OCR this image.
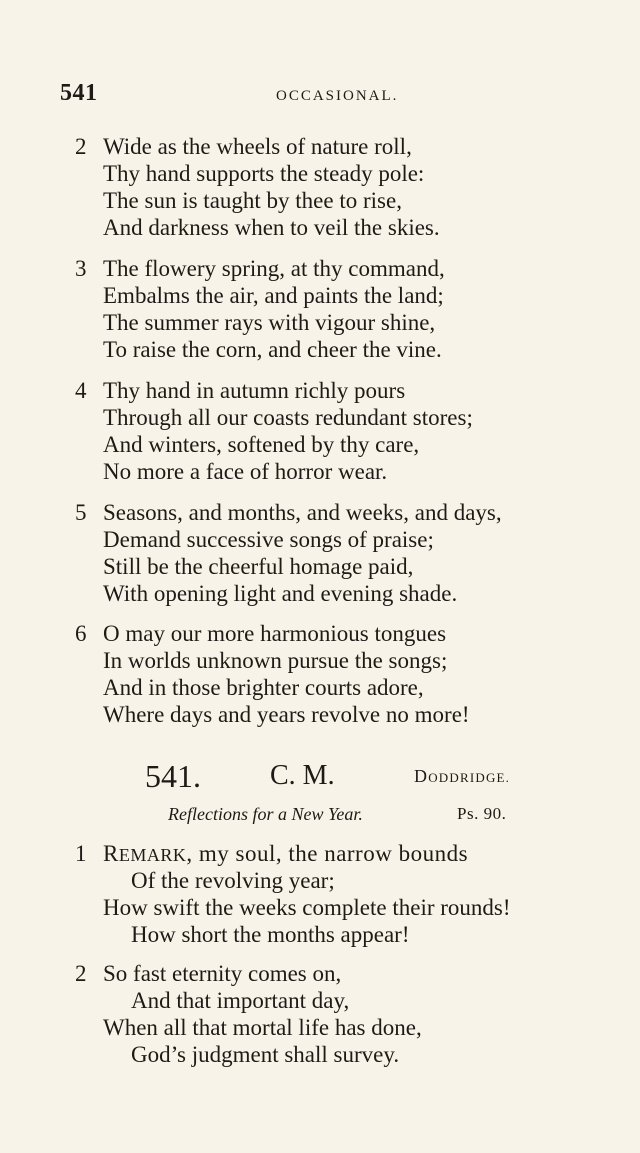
541	OCCASIONAL.
2 Wide as the wheels of nature roll,
Thy hand supports the steady pole:
The sun is taught by thee to rise,
And darkness when to veil the skies.
3 The flowery spring, at thy command,
Embalms the air, and paints the land;
The summer rays with vigour shine,
To raise the corn, and cheer the vine.
4 Thy hand in autumn richly pours
Through all our coasts redundant stores;
And winters, softened by thy care,
No more a face of horror wear.
5 Seasons, and months, and weeks, and days,
Demand successive songs of praise;
Still be the cheerful homage paid,
With opening light and evening shade.
6 O may our more harmonious tongues
In worlds unknown pursue the songs;
And in those brighter courts adore,
Where days and years revolve no more!
541. C. M.	DODDRIDGE.
Reflections for a New Year.	Ps. 90.
1 REMARK, my soul, the narrow bounds
Of the revolving year;
How swift the weeks complete their rounds!
How short the months appear!
2 So fast eternity comes on,
And that important day,
When all that mortal life has done,
God’s judgment shall survey.
